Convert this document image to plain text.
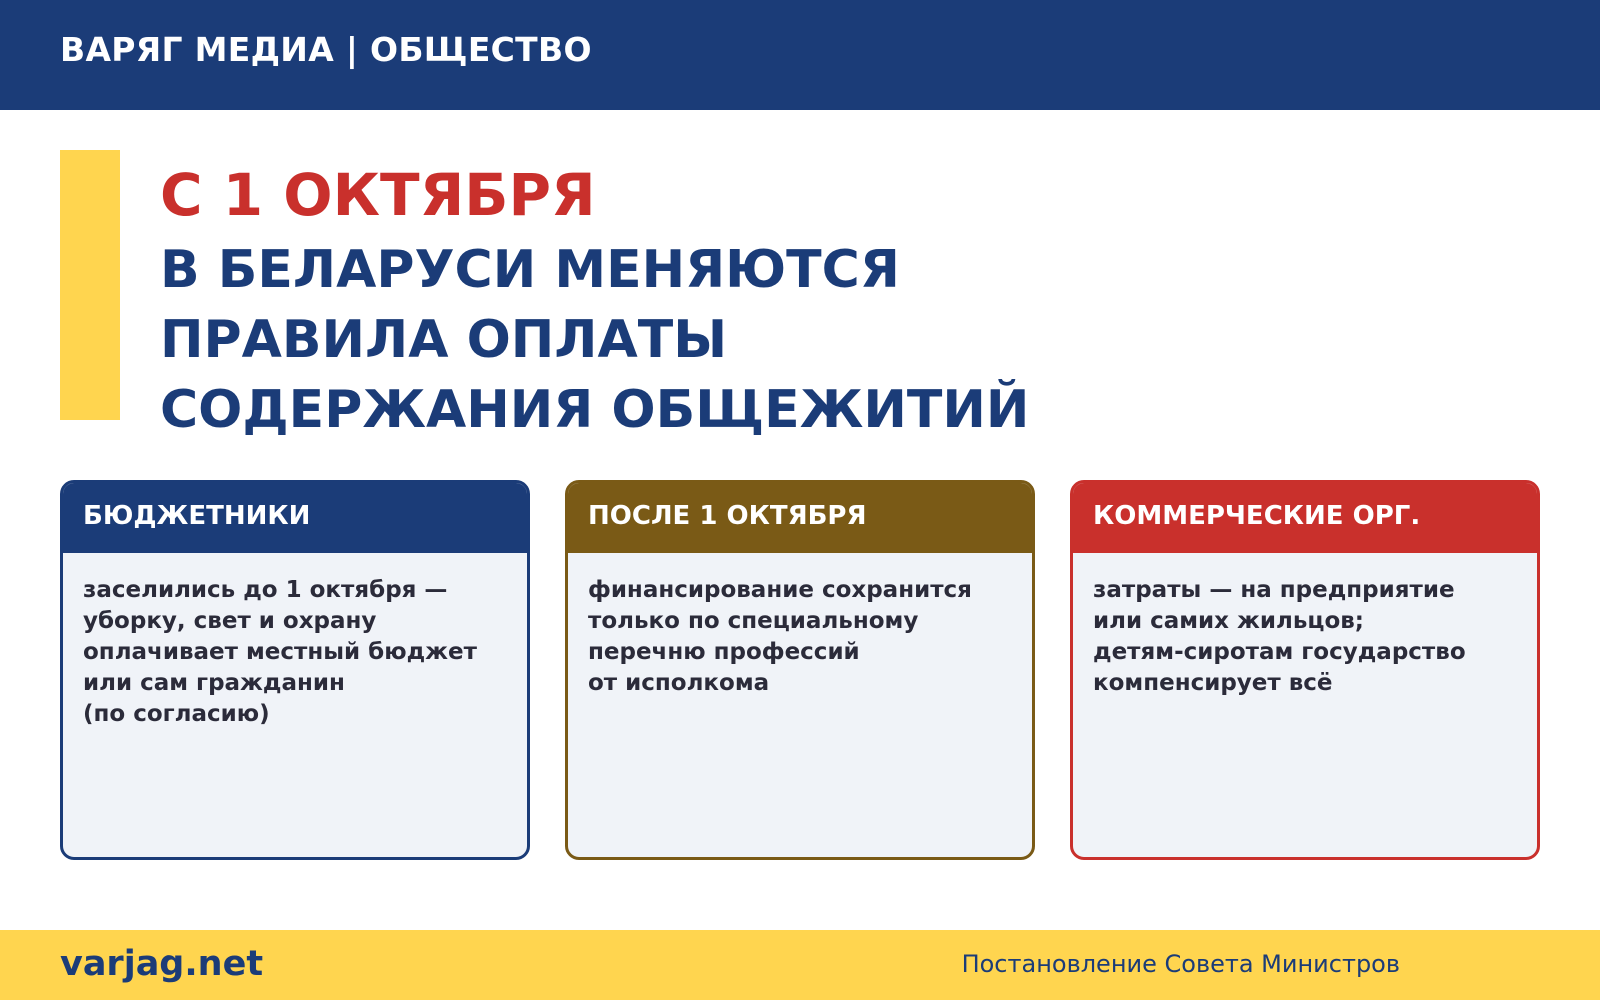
ВАРЯГ МЕДИА | ОБЩЕСТВО
С 1 ОКТЯБРЯ
В БЕЛАРУСИ МЕНЯЮТСЯ
ПРАВИЛА ОПЛАТЫ
СОДЕРЖАНИЯ ОБЩЕЖИТИЙ
БЮДЖЕТНИКИ
заселились до 1 октября —
уборку, свет и охрану
оплачивает местный бюджет
или сам гражданин
(по согласию)
ПОСЛЕ 1 ОКТЯБРЯ
финансирование сохранится
только по специальному
перечню профессий
от исполкома
КОММЕРЧЕСКИЕ ОРГ.
затраты — на предприятие
или самих жильцов;
детям-сиротам государство
компенсирует всё
varjag.net	Постановление Совета Министров
